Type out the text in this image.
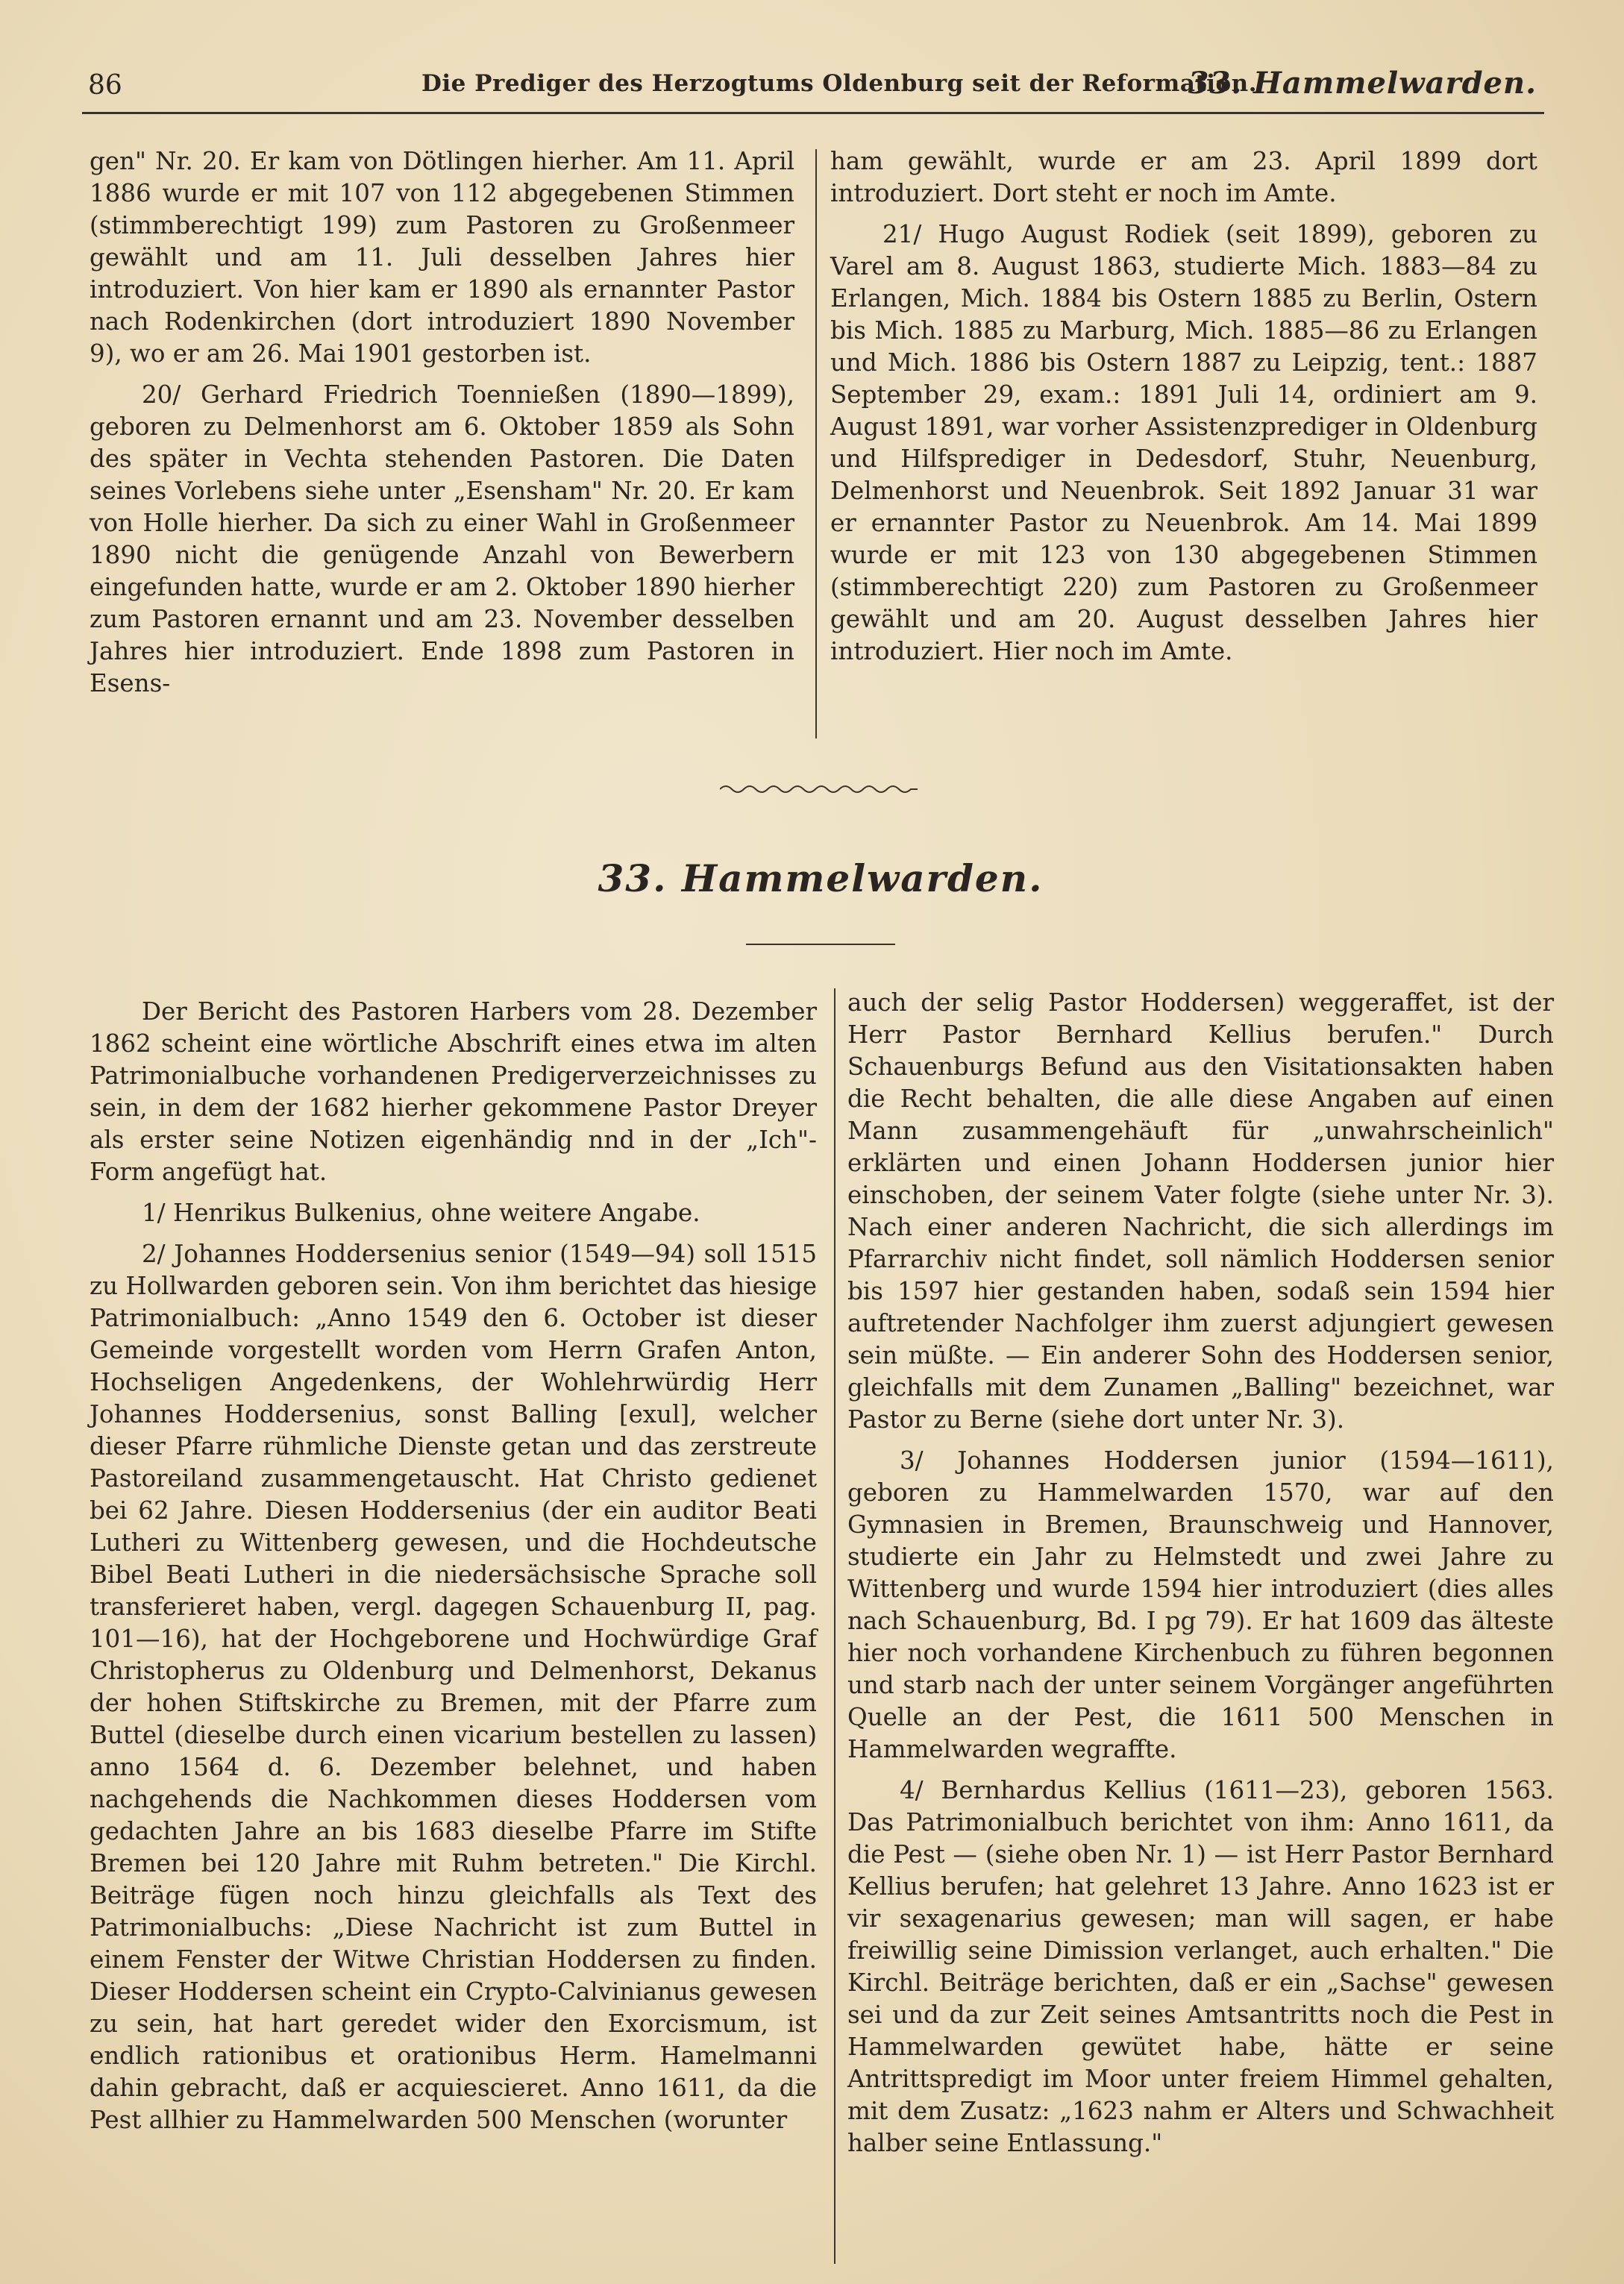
86	Die Prediger des Herzogtums Oldenburg seit der Reformation.
33. Hammelwarden.

gen" Nr. 20. Er kam von Dötlingen hierher. Am 11. April 1886 wurde er mit 107 von 112 abgegebenen Stimmen (stimmberechtigt 199) zum Pastoren zu Großenmeer gewählt und am 11. Juli desselben Jahres hier introduziert. Von hier kam er 1890 als ernannter Pastor nach Rodenkirchen (dort introduziert 1890 November 9), wo er am 26. Mai 1901 gestorben ist.

20/ Gerhard Friedrich Toennießen (1890—1899), geboren zu Delmenhorst am 6. Oktober 1859 als Sohn des später in Vechta stehenden Pastoren. Die Daten seines Vorlebens siehe unter „Esensham" Nr. 20. Er kam von Holle hierher. Da sich zu einer Wahl in Großenmeer 1890 nicht die genügende Anzahl von Bewerbern eingefunden hatte, wurde er am 2. Oktober 1890 hierher zum Pastoren ernannt und am 23. November desselben Jahres hier introduziert. Ende 1898 zum Pastoren in Esens-

ham gewählt, wurde er am 23. April 1899 dort introduziert. Dort steht er noch im Amte.

21/ Hugo August Rodiek (seit 1899), geboren zu Varel am 8. August 1863, studierte Mich. 1883—84 zu Erlangen, Mich. 1884 bis Ostern 1885 zu Berlin, Ostern bis Mich. 1885 zu Marburg, Mich. 1885—86 zu Erlangen und Mich. 1886 bis Ostern 1887 zu Leipzig, tent.: 1887 September 29, exam.: 1891 Juli 14, ordiniert am 9. August 1891, war vorher Assistenzprediger in Oldenburg und Hilfsprediger in Dedesdorf, Stuhr, Neuenburg, Delmenhorst und Neuenbrok. Seit 1892 Januar 31 war er ernannter Pastor zu Neuenbrok. Am 14. Mai 1899 wurde er mit 123 von 130 abgegebenen Stimmen (stimmberechtigt 220) zum Pastoren zu Großenmeer gewählt und am 20. August desselben Jahres hier introduziert. Hier noch im Amte.

33. Hammelwarden.

Der Bericht des Pastoren Harbers vom 28. Dezember 1862 scheint eine wörtliche Abschrift eines etwa im alten Patrimonialbuche vorhandenen Predigerverzeichnisses zu sein, in dem der 1682 hierher gekommene Pastor Dreyer als erster seine Notizen eigenhändig nnd in der „Ich"-Form angefügt hat.

1/ Henrikus Bulkenius, ohne weitere Angabe.

2/ Johannes Hoddersenius senior (1549—94) soll 1515 zu Hollwarden geboren sein. Von ihm berichtet das hiesige Patrimonialbuch: „Anno 1549 den 6. October ist dieser Gemeinde vorgestellt worden vom Herrn Grafen Anton, Hochseligen Angedenkens, der Wohlehrwürdig Herr Johannes Hoddersenius, sonst Balling [exul], welcher dieser Pfarre rühmliche Dienste getan und das zerstreute Pastoreiland zusammengetauscht. Hat Christo gedienet bei 62 Jahre. Diesen Hoddersenius (der ein auditor Beati Lutheri zu Wittenberg gewesen, und die Hochdeutsche Bibel Beati Lutheri in die niedersächsische Sprache soll transferieret haben, vergl. dagegen Schauenburg II, pag. 101—16), hat der Hochgeborene und Hochwürdige Graf Christopherus zu Oldenburg und Delmenhorst, Dekanus der hohen Stiftskirche zu Bremen, mit der Pfarre zum Buttel (dieselbe durch einen vicarium bestellen zu lassen) anno 1564 d. 6. Dezember belehnet, und haben nachgehends die Nachkommen dieses Hoddersen vom gedachten Jahre an bis 1683 dieselbe Pfarre im Stifte Bremen bei 120 Jahre mit Ruhm betreten." Die Kirchl. Beiträge fügen noch hinzu gleichfalls als Text des Patrimonialbuchs: „Diese Nachricht ist zum Buttel in einem Fenster der Witwe Christian Hoddersen zu finden. Dieser Hoddersen scheint ein Crypto-Calvinianus gewesen zu sein, hat hart geredet wider den Exorcismum, ist endlich rationibus et orationibus Herm. Hamelmanni dahin gebracht, daß er acquiescieret. Anno 1611, da die Pest allhier zu Hammelwarden 500 Menschen (worunter

auch der selig Pastor Hoddersen) weggeraffet, ist der Herr Pastor Bernhard Kellius berufen." Durch Schauenburgs Befund aus den Visitationsakten haben die Recht behalten, die alle diese Angaben auf einen Mann zusammengehäuft für „unwahrscheinlich" erklärten und einen Johann Hoddersen junior hier einschoben, der seinem Vater folgte (siehe unter Nr. 3). Nach einer anderen Nachricht, die sich allerdings im Pfarrarchiv nicht findet, soll nämlich Hoddersen senior bis 1597 hier gestanden haben, sodaß sein 1594 hier auftretender Nachfolger ihm zuerst adjungiert gewesen sein müßte. — Ein anderer Sohn des Hoddersen senior, gleichfalls mit dem Zunamen „Balling" bezeichnet, war Pastor zu Berne (siehe dort unter Nr. 3).

3/ Johannes Hoddersen junior (1594—1611), geboren zu Hammelwarden 1570, war auf den Gymnasien in Bremen, Braunschweig und Hannover, studierte ein Jahr zu Helmstedt und zwei Jahre zu Wittenberg und wurde 1594 hier introduziert (dies alles nach Schauenburg, Bd. I pg 79). Er hat 1609 das älteste hier noch vorhandene Kirchenbuch zu führen begonnen und starb nach der unter seinem Vorgänger angeführten Quelle an der Pest, die 1611 500 Menschen in Hammelwarden wegraffte.

4/ Bernhardus Kellius (1611—23), geboren 1563. Das Patrimonialbuch berichtet von ihm: Anno 1611, da die Pest — (siehe oben Nr. 1) — ist Herr Pastor Bernhard Kellius berufen; hat gelehret 13 Jahre. Anno 1623 ist er vir sexagenarius gewesen; man will sagen, er habe freiwillig seine Dimission verlanget, auch erhalten." Die Kirchl. Beiträge berichten, daß er ein „Sachse" gewesen sei und da zur Zeit seines Amtsantritts noch die Pest in Hammelwarden gewütet habe, hätte er seine Antrittspredigt im Moor unter freiem Himmel gehalten, mit dem Zusatz: „1623 nahm er Alters und Schwachheit halber seine Entlassung."
